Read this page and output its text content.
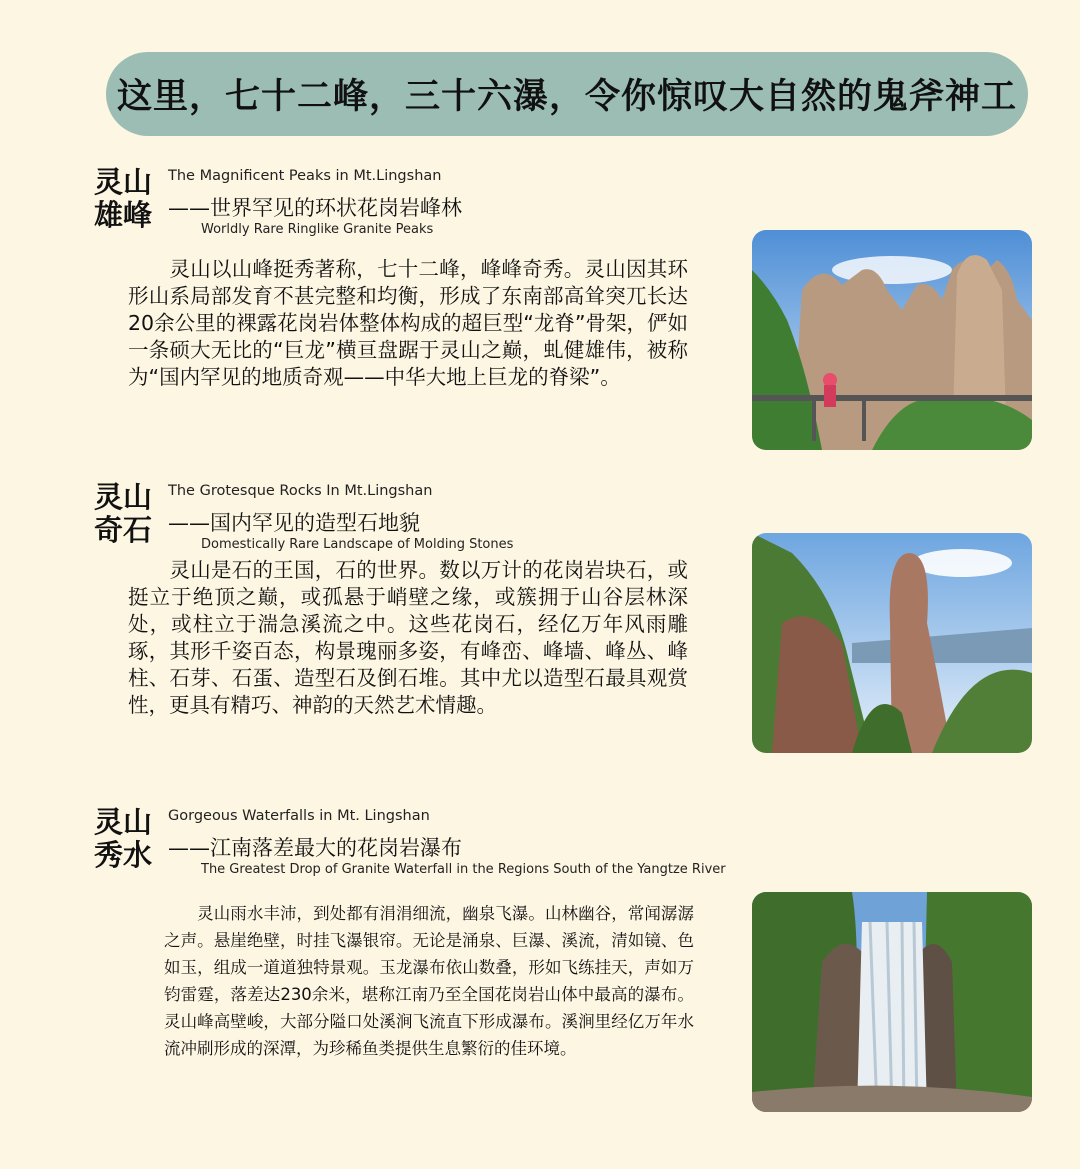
这里，七十二峰，三十六瀑，令你惊叹大自然的鬼斧神工
灵山
雄峰
The Magnificent Peaks in Mt.Lingshan
——世界罕见的环状花岗岩峰林
Worldly Rare Ringlike Granite Peaks
　　灵山以山峰挺秀著称，七十二峰，峰峰奇秀。灵山因其环形山系局部发育不甚完整和均衡，形成了东南部高耸突兀长达20余公里的裸露花岗岩体整体构成的超巨型“龙脊”骨架，俨如一条硕大无比的“巨龙”横亘盘踞于灵山之巅，虬健雄伟，被称为“国内罕见的地质奇观——中华大地上巨龙的脊梁”。
灵山
奇石
The Grotesque Rocks In Mt.Lingshan
——国内罕见的造型石地貌
Domestically Rare Landscape of Molding Stones
　　灵山是石的王国，石的世界。数以万计的花岗岩块石，或挺立于绝顶之巅，或孤悬于峭壁之缘，或簇拥于山谷层林深处，或柱立于湍急溪流之中。这些花岗石，经亿万年风雨雕琢，其形千姿百态，构景瑰丽多姿，有峰峦、峰墙、峰丛、峰柱、石芽、石蛋、造型石及倒石堆。其中尤以造型石最具观赏性，更具有精巧、神韵的天然艺术情趣。
灵山
秀水
Gorgeous Waterfalls in Mt. Lingshan
——江南落差最大的花岗岩瀑布
The Greatest Drop of Granite Waterfall in the Regions South of the Yangtze River
　　灵山雨水丰沛，到处都有涓涓细流，幽泉飞瀑。山林幽谷，常闻潺潺之声。悬崖绝壁，时挂飞瀑银帘。无论是涌泉、巨瀑、溪流，清如镜、色如玉，组成一道道独特景观。玉龙瀑布依山数叠，形如飞练挂天，声如万钧雷霆，落差达230余米，堪称江南乃至全国花岗岩山体中最高的瀑布。灵山峰高壁峻，大部分隘口处溪涧飞流直下形成瀑布。溪涧里经亿万年水流冲刷形成的深潭，为珍稀鱼类提供生息繁衍的佳环境。
